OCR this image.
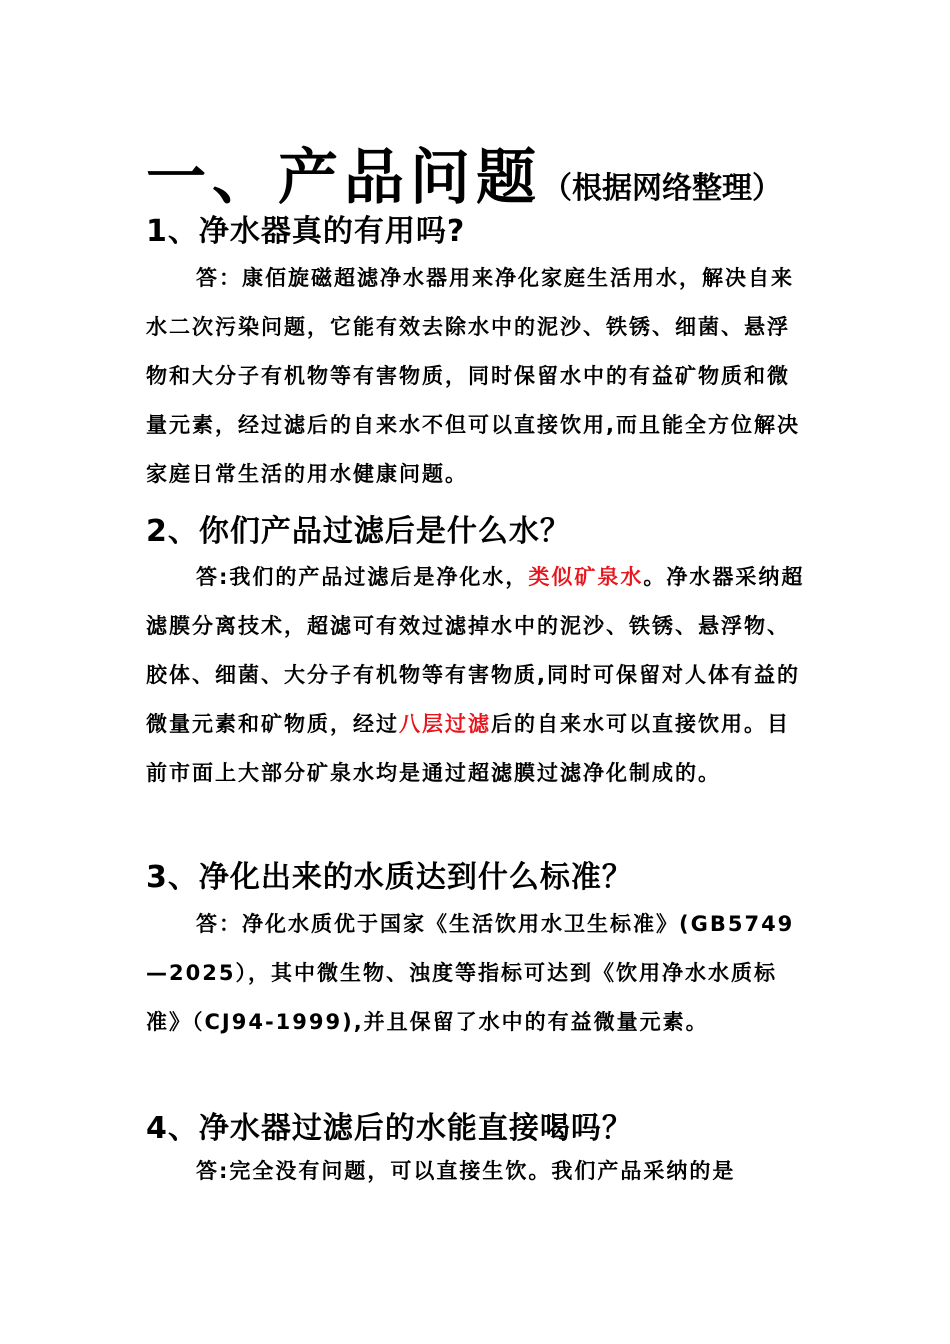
一、产品问题（根据网络整理）
1、净水器真的有用吗?

答：康佰旋磁超滤净水器用来净化家庭生活用水，解决自来水二次污染问题，它能有效去除水中的泥沙、铁锈、细菌、悬浮物和大分子有机物等有害物质，同时保留水中的有益矿物质和微量元素，经过滤后的自来水不但可以直接饮用,而且能全方位解决家庭日常生活的用水健康问题。

2、你们产品过滤后是什么水？

答:我们的产品过滤后是净化水，类似矿泉水。净水器采纳超滤膜分离技术，超滤可有效过滤掉水中的泥沙、铁锈、悬浮物、胶体、细菌、大分子有机物等有害物质,同时可保留对人体有益的微量元素和矿物质，经过八层过滤后的自来水可以直接饮用。目前市面上大部分矿泉水均是通过超滤膜过滤净化制成的。

3、净化出来的水质达到什么标准？

答：净化水质优于国家《生活饮用水卫生标准》(GB5749—2025），其中微生物、浊度等指标可达到《饮用净水水质标准》（CJ94-1999),并且保留了水中的有益微量元素。

4、净水器过滤后的水能直接喝吗？

答:完全没有问题，可以直接生饮。我们产品采纳的是
